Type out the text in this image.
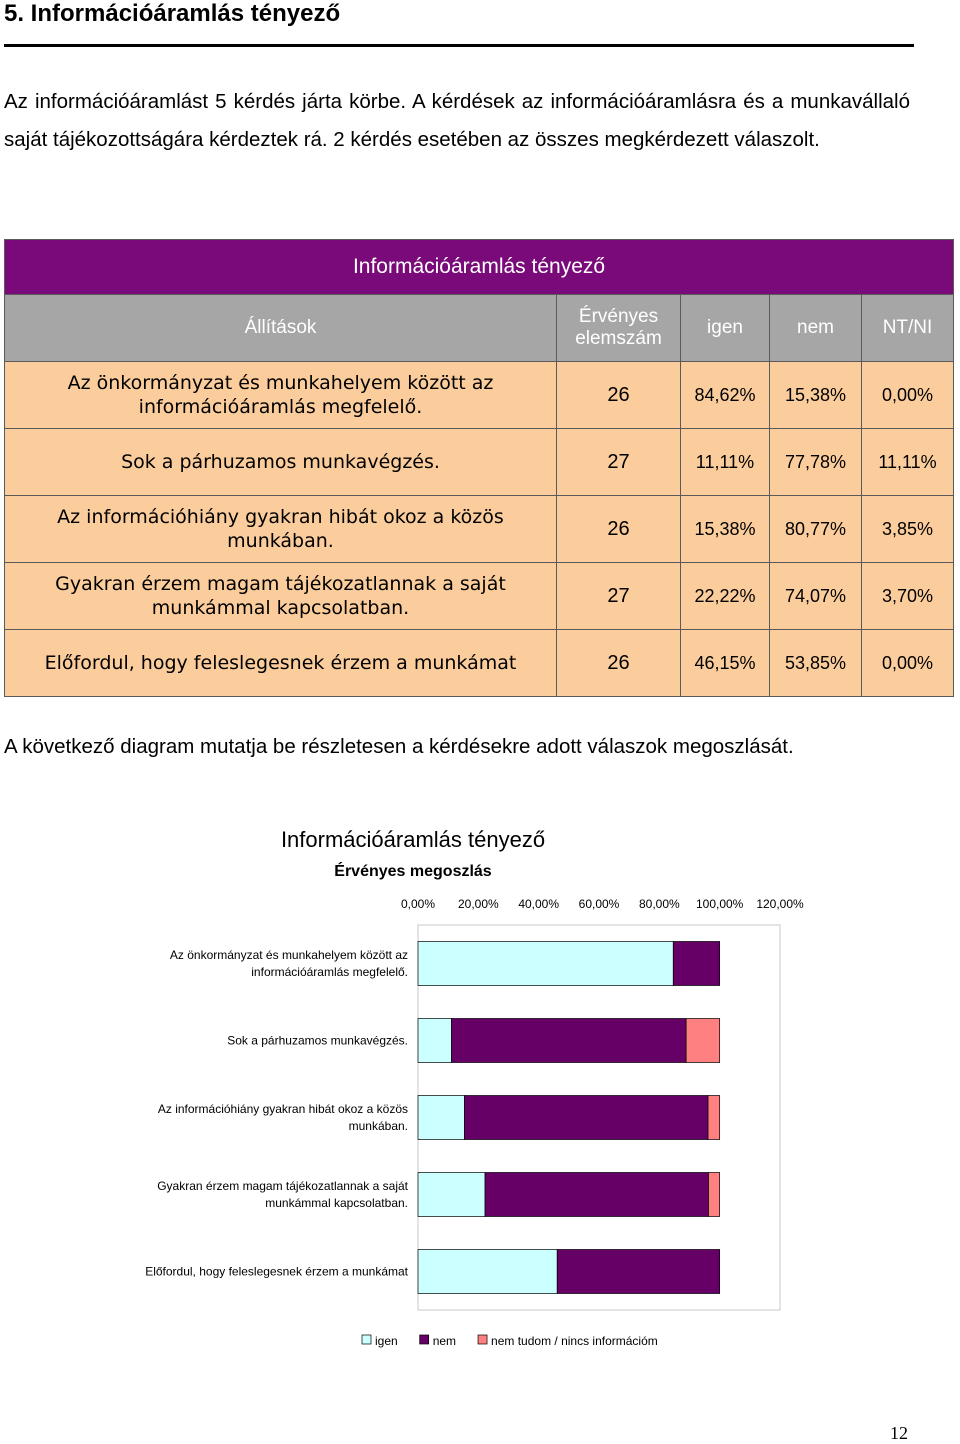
5. Információáramlás tényező
Az információáramlást 5 kérdés járta körbe. A kérdések az információáramlásra és a munkavállaló saját tájékozottságára kérdeztek rá. 2 kérdés esetében az összes megkérdezett válaszolt.
Információáramlás tényező				
Állítások	Érvényes elemszám	igen	nem	NT/NI
Az önkormányzat és munkahelyem között az információáramlás megfelelő.	26	84,62%	15,38%	0,00%
Sok a párhuzamos munkavégzés.	27	11,11%	77,78%	11,11%
Az információhiány gyakran hibát okoz a közös munkában.	26	15,38%	80,77%	3,85%
Gyakran érzem magam tájékozatlannak a saját munkámmal kapcsolatban.	27	22,22%	74,07%	3,70%
Előfordul, hogy feleslegesnek érzem a munkámat	26	46,15%	53,85%	0,00%
A következő diagram mutatja be részletesen a kérdésekre adott válaszok megoszlását.
Információáramlás tényező
Érvényes megoszlás
0,00% 20,00% 40,00% 60,00% 80,00% 100,00% 120,00%
Az önkormányzat és munkahelyem között az
információáramlás megfelelő.
Sok a párhuzamos munkavégzés.
Az információhiány gyakran hibát okoz a közös
munkában.
Gyakran érzem magam tájékozatlannak a saját
munkámmal kapcsolatban.
Előfordul, hogy feleslegesnek érzem a munkámat
igen	nem	nem tudom / nincs információm
12
